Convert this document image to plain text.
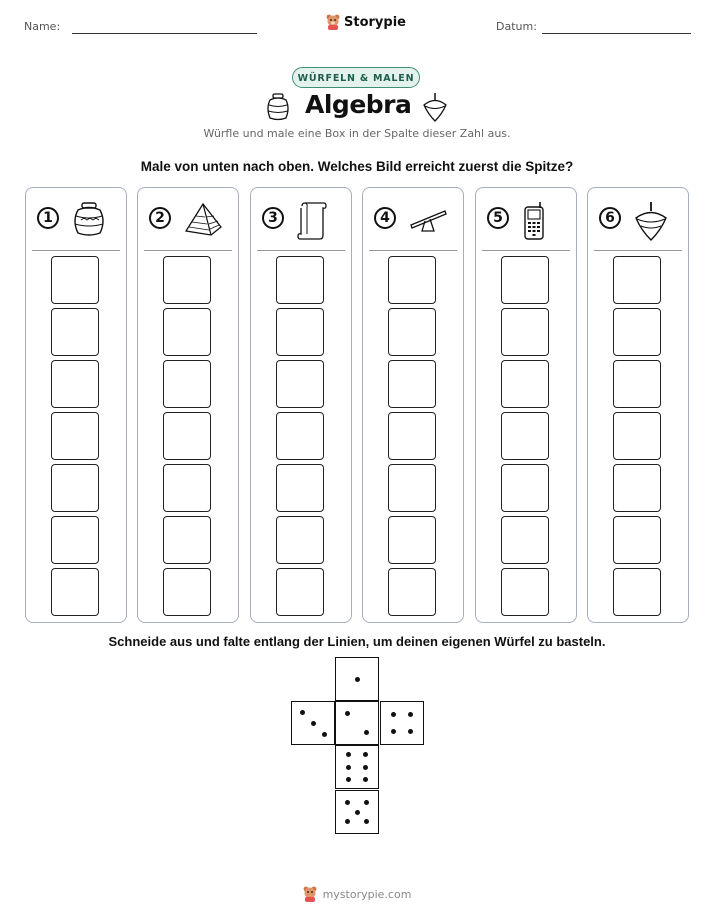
Name:	Storypie	Datum:
WÜRFELN & MALEN
Algebra
Würfle und male eine Box in der Spalte dieser Zahl aus.
Male von unten nach oben. Welches Bild erreicht zuerst die Spitze?
1	2	3	4	5	6
Schneide aus und falte entlang der Linien, um deinen eigenen Würfel zu basteln.
mystorypie.com
